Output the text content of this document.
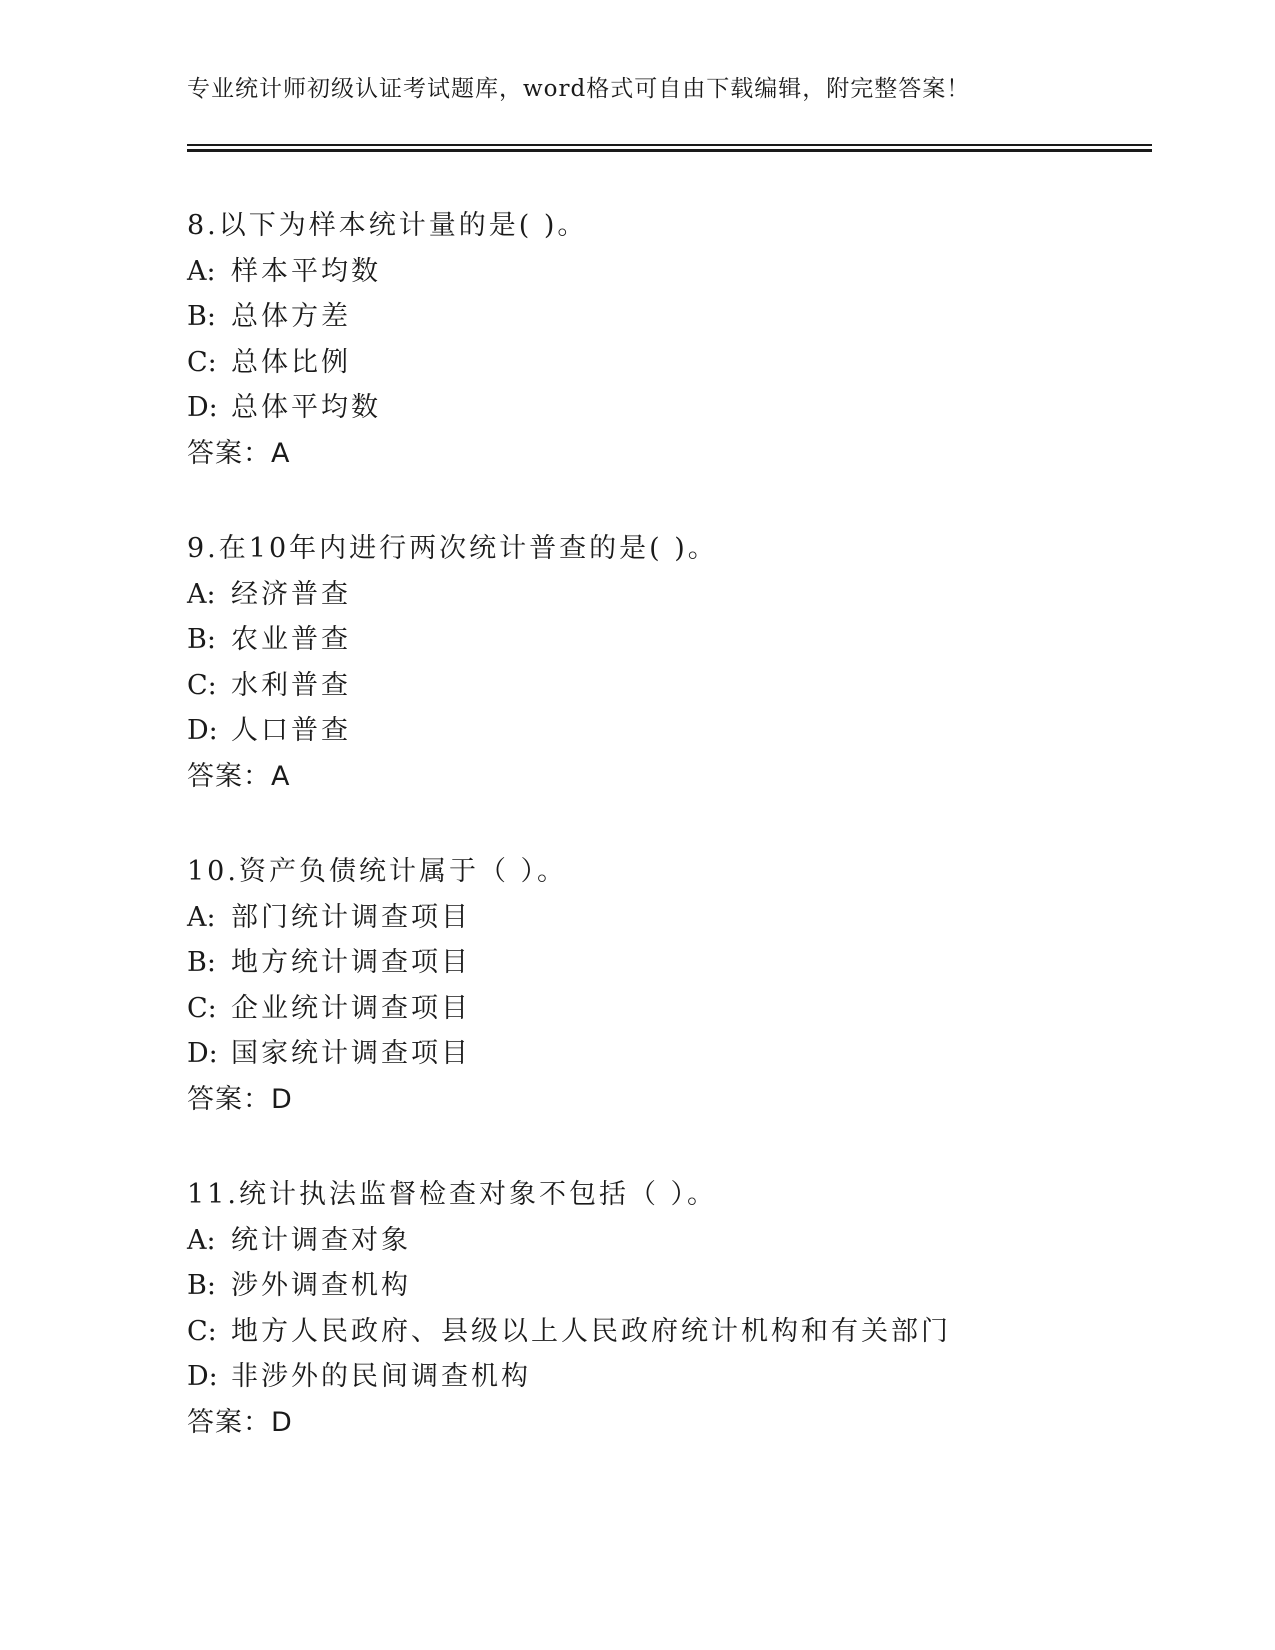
专业统计师初级认证考试题库，word格式可自由下载编辑，附完整答案！
8.以下为样本统计量的是( )。
A: 样本平均数
B: 总体方差
C: 总体比例
D: 总体平均数
答案：A
9.在10年内进行两次统计普查的是( )。
A: 经济普查
B: 农业普查
C: 水利普查
D: 人口普查
答案：A
10.资产负债统计属于（ ）。
A: 部门统计调查项目
B: 地方统计调查项目
C: 企业统计调查项目
D: 国家统计调查项目
答案：D
11.统计执法监督检查对象不包括（ ）。
A: 统计调查对象
B: 涉外调查机构
C: 地方人民政府、县级以上人民政府统计机构和有关部门
D: 非涉外的民间调查机构
答案：D
